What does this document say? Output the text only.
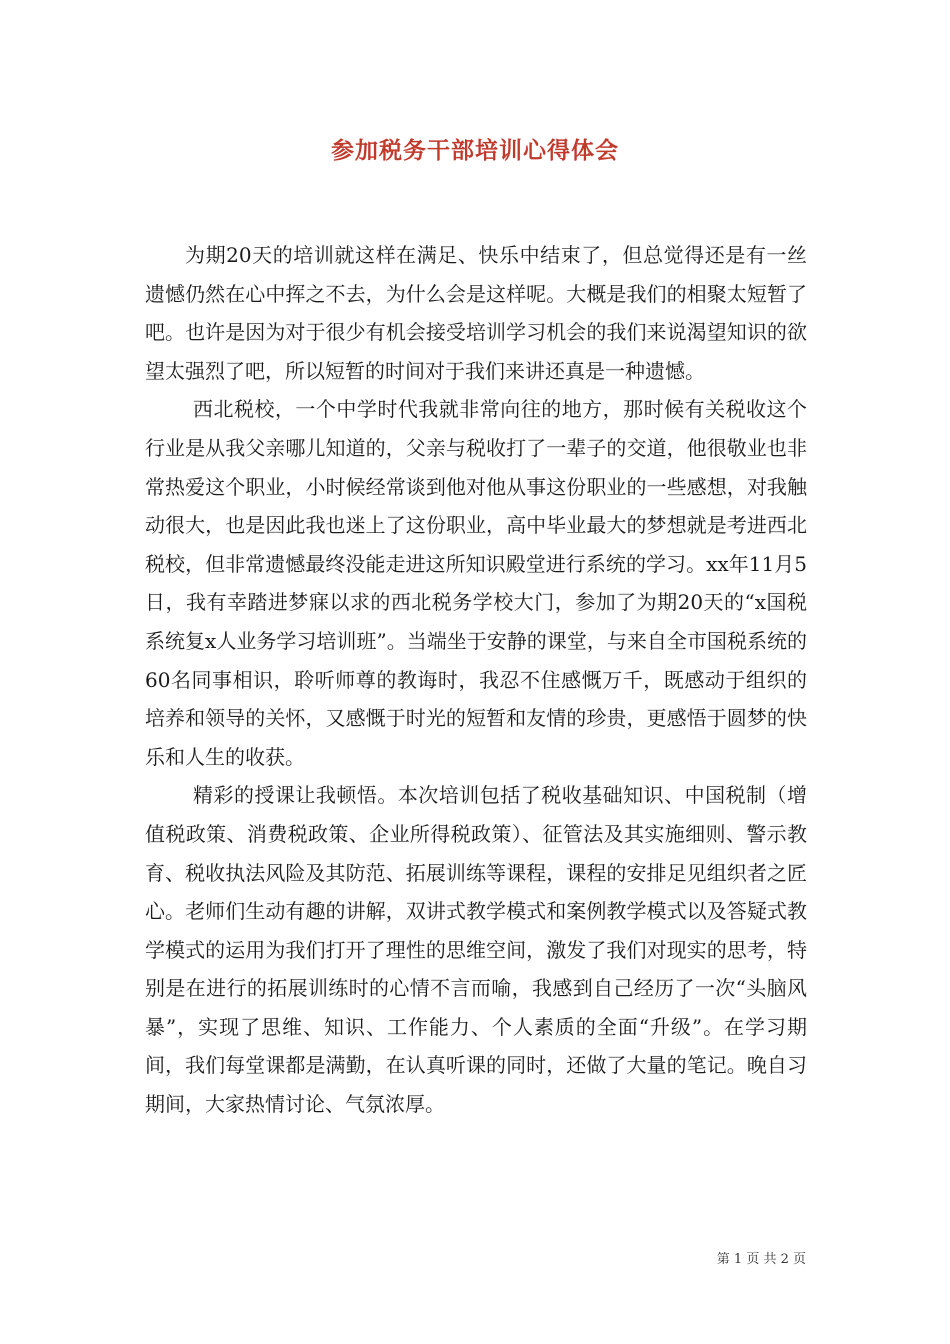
参加税务干部培训心得体会

为期20天的培训就这样在满足、快乐中结束了，但总觉得还是有一丝遗憾仍然在心中挥之不去，为什么会是这样呢。大概是我们的相聚太短暂了吧。也许是因为对于很少有机会接受培训学习机会的我们来说渴望知识的欲望太强烈了吧，所以短暂的时间对于我们来讲还真是一种遗憾。

西北税校，一个中学时代我就非常向往的地方，那时候有关税收这个行业是从我父亲哪儿知道的，父亲与税收打了一辈子的交道，他很敬业也非常热爱这个职业，小时候经常谈到他对他从事这份职业的一些感想，对我触动很大，也是因此我也迷上了这份职业，高中毕业最大的梦想就是考进西北税校，但非常遗憾最终没能走进这所知识殿堂进行系统的学习。xx年11月5日，我有幸踏进梦寐以求的西北税务学校大门，参加了为期20天的“x国税系统复x人业务学习培训班”。当端坐于安静的课堂，与来自全市国税系统的60名同事相识，聆听师尊的教诲时，我忍不住感慨万千，既感动于组织的培养和领导的关怀，又感慨于时光的短暂和友情的珍贵，更感悟于圆梦的快乐和人生的收获。

精彩的授课让我顿悟。本次培训包括了税收基础知识、中国税制（增值税政策、消费税政策、企业所得税政策）、征管法及其实施细则、警示教育、税收执法风险及其防范、拓展训练等课程，课程的安排足见组织者之匠心。老师们生动有趣的讲解，双讲式教学模式和案例教学模式以及答疑式教学模式的运用为我们打开了理性的思维空间，激发了我们对现实的思考，特别是在进行的拓展训练时的心情不言而喻，我感到自己经历了一次“头脑风暴”，实现了思维、知识、工作能力、个人素质的全面“升级”。在学习期间，我们每堂课都是满勤，在认真听课的同时，还做了大量的笔记。晚自习期间，大家热情讨论、气氛浓厚。

第 1 页 共 2 页
